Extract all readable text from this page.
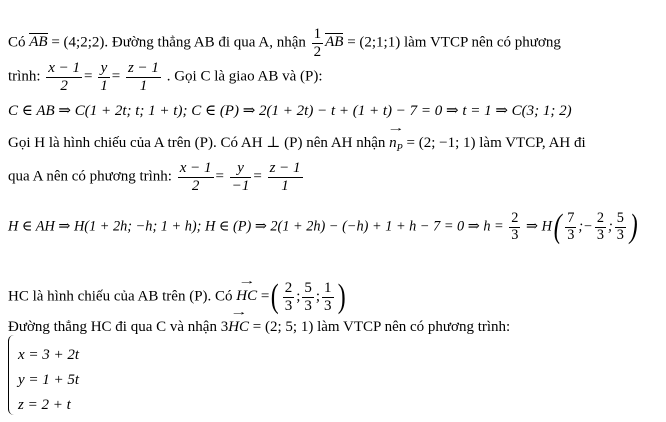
Có AB = (4;2;2). Đường thẳng AB đi qua A, nhận $\frac{1}{2}$ AB = (2;1;1) làm VTCP nên có phương
trình: $\frac{x - 1}{2} = \frac{y}{1} = \frac{z - 1}{1}$ . Gọi C là giao AB và (P):
C ∈ AB ⇒ C(1 + 2t; t; 1 + t); C ∈ (P) ⇒ 2(1 + 2t) − t + (1 + t) − 7 = 0 ⇒ t = 1 ⇒ C(3; 1; 2)
Gọi H là hình chiếu của A trên (P). Có AH ⊥ (P) nên AH nhận → $n_P = (2$; −1; 1) làm VTCP, AH đi
qua A nên có phương trình: $\frac{x - 1}{2} = \frac{y}{-1} = \frac{z - 1}{1}$
H ∈ AH ⇒ H(1 + 2h; −h; 1 + h); H ∈ (P) ⇒ 2(1 + 2h) − (−h) + 1 + h − 7 = 0 ⇒ $h = \frac{2}{3}$ ⇒ $H( \frac{7}{3}$ ;− $\frac{2}{3}$ ; $\frac{5}{3}$ )
HC là hình chiếu của AB trên (P). Có → HC =( $\frac{2}{3}$ ; $\frac{5}{3}$ ; $\frac{1}{3}$ )
Đường thẳng HC đi qua C và nhận 3→ HC = (2; 5; 1) làm VTCP nên có phương trình:
x = 3 + 2t
y = 1 + 5t
z = 2 + t
